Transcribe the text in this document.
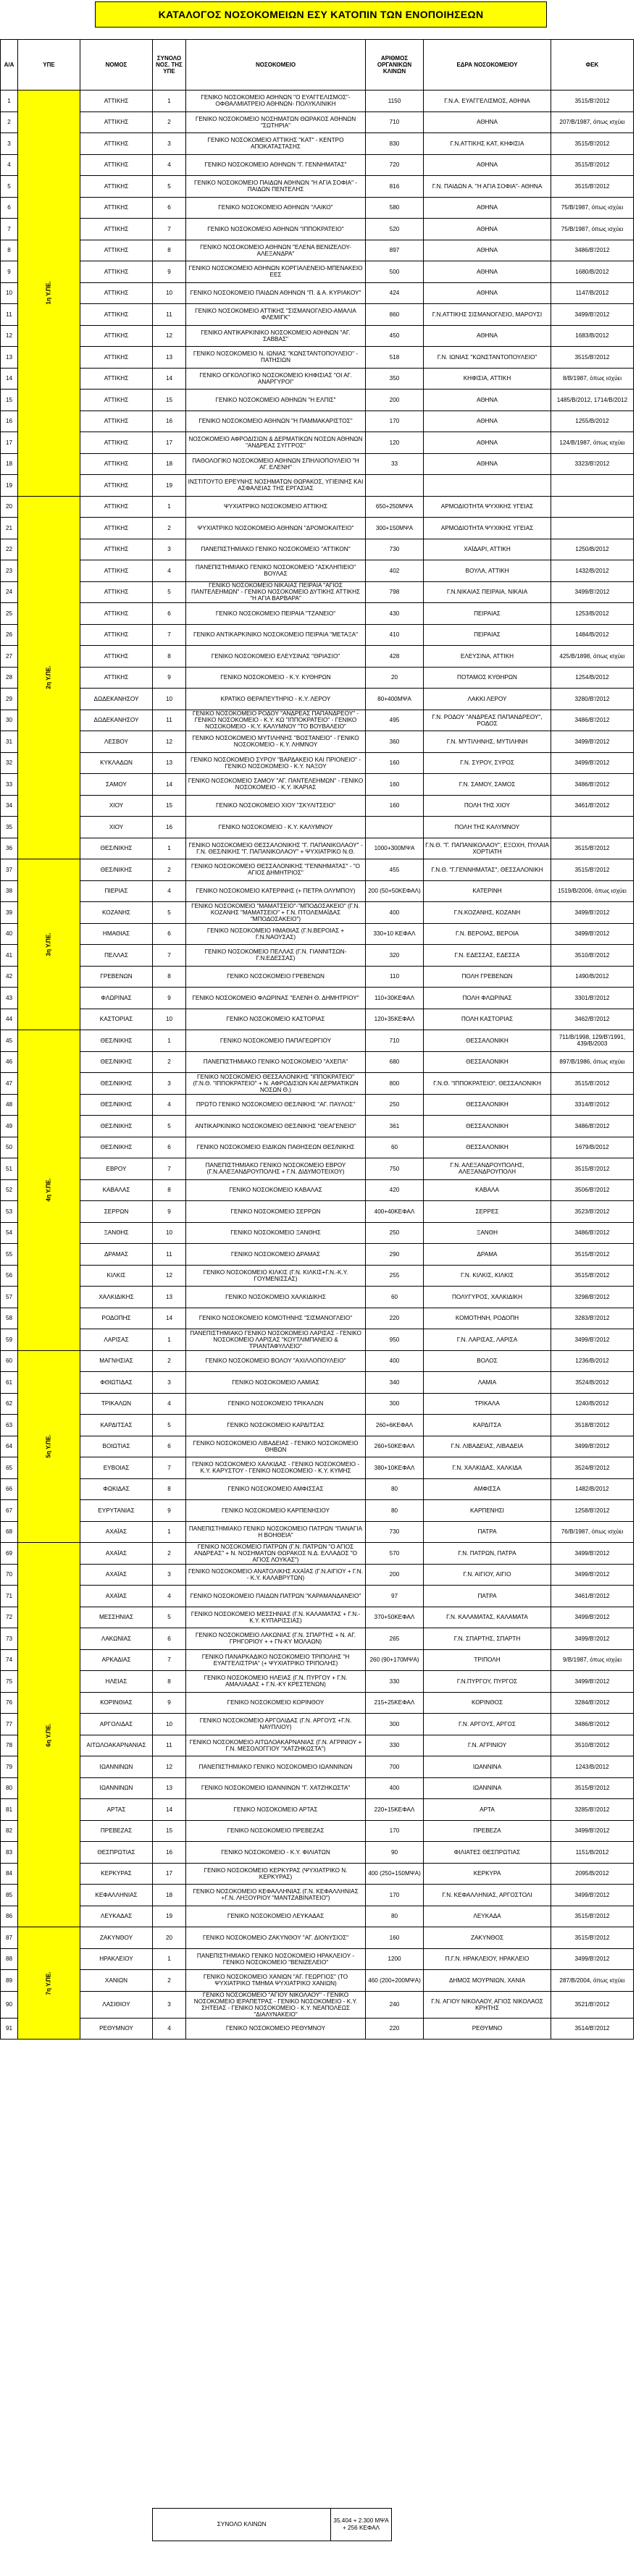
ΚΑΤΑΛΟΓΟΣ ΝΟΣΟΚΟΜΕΙΩΝ ΕΣΥ ΚΑΤΟΠΙΝ ΤΩΝ ΕΝΟΠΟΙΗΣΕΩΝ
Α/Α	ΥΠΕ	ΝΟΜΟΣ	ΣΥΝΟΛΟ ΝΟΣ. ΤΗΣ ΥΠΕ	ΝΟΣΟΚΟΜΕΙΟ	ΑΡΙΘΜΟΣ ΟΡΓΑΝΙΚΩΝ ΚΛΙΝΩΝ	ΕΔΡΑ ΝΟΣΟΚΟΜΕΙΟΥ	ΦΕΚ
1	1η Υ.ΠΕ.	ΑΤΤΙΚΗΣ	1	ΓΕΝΙΚΟ ΝΟΣΟΚΟΜΕΙΟ ΑΘΗΝΩΝ "Ο ΕΥΑΓΓΕΛΙΣΜΟΣ"- ΟΦΘΑΛΜΙΑΤΡΕΙΟ ΑΘΗΝΩΝ- ΠΟΛΥΚΛΙΝΙΚΗ	1150	Γ.Ν.Α. ΕΥΑΓΓΕΛΙΣΜΟΣ, ΑΘΗΝΑ	3515/Β'/2012
2		ΑΤΤΙΚΗΣ	2	ΓΕΝΙΚΟ ΝΟΣΟΚΟΜΕΙΟ ΝΟΣΗΜΑΤΩΝ ΘΩΡΑΚΟΣ ΑΘΗΝΩΝ "ΣΩΤΗΡΙΑ"	710	ΑΘΗΝΑ	207/Β/1987, όπως ισχύει
3		ΑΤΤΙΚΗΣ	3	ΓΕΝΙΚΟ ΝΟΣΟΚΟΜΕΙΟ ΑΤΤΙΚΗΣ "ΚΑΤ" - ΚΕΝΤΡΟ ΑΠΟΚΑΤΑΣΤΑΣΗΣ	830	Γ.Ν.ΑΤΤΙΚΗΣ ΚΑΤ, ΚΗΦΙΣΙΑ	3515/Β'/2012
4		ΑΤΤΙΚΗΣ	4	ΓΕΝΙΚΟ ΝΟΣΟΚΟΜΕΙΟ ΑΘΗΝΩΝ "Γ. ΓΕΝΝΗΜΑΤΑΣ"	720	ΑΘΗΝΑ	3515/Β'/2012
5		ΑΤΤΙΚΗΣ	5	ΓΕΝΙΚΟ ΝΟΣΟΚΟΜΕΙΟ ΠΑΙΔΩΝ ΑΘΗΝΩΝ "Η ΑΓΙΑ ΣΟΦΙΑ" - ΠΑΙΔΩΝ ΠΕΝΤΕΛΗΣ	816	Γ.Ν. ΠΑΙΔΩΝ Α. "Η ΑΓΙΑ ΣΟΦΙΑ"- ΑΘΗΝΑ	3515/Β'/2012
6		ΑΤΤΙΚΗΣ	6	ΓΕΝΙΚΟ ΝΟΣΟΚΟΜΕΙΟ ΑΘΗΝΩΝ "ΛΑΙΚΟ"	580	ΑΘΗΝΑ	75/Β/1987, όπως ισχύει
7		ΑΤΤΙΚΗΣ	7	ΓΕΝΙΚΟ ΝΟΣΟΚΟΜΕΙΟ ΑΘΗΝΩΝ "ΙΠΠΟΚΡΑΤΕΙΟ"	520	ΑΘΗΝΑ	75/Β/1987, όπως ισχύει
8		ΑΤΤΙΚΗΣ	8	ΓΕΝΙΚΟ ΝΟΣΟΚΟΜΕΙΟ ΑΘΗΝΩΝ "ΕΛΕΝΑ ΒΕΝΙΖΕΛΟΥ- ΑΛΕΞΑΝΔΡΑ"	897	ΑΘΗΝΑ	3486/Β'/2012
9		ΑΤΤΙΚΗΣ	9	ΓΕΝΙΚΟ ΝΟΣΟΚΟΜΕΙΟ ΑΘΗΝΩΝ ΚΟΡΓΙΑΛΕΝΕΙΟ-ΜΠΕΝΑΚΕΙΟ ΕΕΣ	500	ΑΘΗΝΑ	1680/Β/2012
10		ΑΤΤΙΚΗΣ	10	ΓΕΝΙΚΟ ΝΟΣΟΚΟΜΕΙΟ ΠΑΙΔΩΝ ΑΘΗΝΩΝ "Π. & Α. ΚΥΡΙΑΚΟΥ"	424	ΑΘΗΝΑ	1147/Β/2012
11		ΑΤΤΙΚΗΣ	11	ΓΕΝΙΚΟ ΝΟΣΟΚΟΜΕΙΟ ΑΤΤΙΚΗΣ "ΣΙΣΜΑΝΟΓΛΕΙΟ-ΑΜΑΛΙΑ ΦΛΕΜΙΓΚ"	860	Γ.Ν.ΑΤΤΙΚΗΣ ΣΙΣΜΑΝΟΓΛΕΙΟ, ΜΑΡΟΥΣΙ	3499/Β'/2012
12		ΑΤΤΙΚΗΣ	12	ΓΕΝΙΚΟ ΑΝΤΙΚΑΡΚΙΝΙΚΟ ΝΟΣΟΚΟΜΕΙΟ ΑΘΗΝΩΝ "ΑΓ. ΣΑΒΒΑΣ"	450	ΑΘΗΝΑ	1683/Β/2012
13		ΑΤΤΙΚΗΣ	13	ΓΕΝΙΚΟ ΝΟΣΟΚΟΜΕΙΟ Ν. ΙΩΝΙΑΣ "ΚΩΝΣΤΑΝΤΟΠΟΥΛΕΙΟ" - ΠΑΤΗΣΙΩΝ	518	Γ.Ν. ΙΩΝΙΑΣ "ΚΩΝΣΤΑΝΤΟΠΟΥΛΕΙΟ"	3515/Β'/2012
14		ΑΤΤΙΚΗΣ	14	ΓΕΝΙΚΟ ΟΓΚΟΛΟΓΙΚΟ ΝΟΣΟΚΟΜΕΙΟ ΚΗΦΙΣΙΑΣ "ΟΙ ΑΓ. ΑΝΑΡΓΥΡΟΙ"	350	ΚΗΦΙΣΙΑ, ΑΤΤΙΚΗ	8/Β/1987, όπως ισχύει
15		ΑΤΤΙΚΗΣ	15	ΓΕΝΙΚΟ ΝΟΣΟΚΟΜΕΙΟ ΑΘΗΝΩΝ "Η ΕΛΠΙΣ"	200	ΑΘΗΝΑ	1485/Β/2012, 1714/Β/2012
16		ΑΤΤΙΚΗΣ	16	ΓΕΝΙΚΟ ΝΟΣΟΚΟΜΕΙΟ ΑΘΗΝΩΝ "Η ΠΑΜΜΑΚΑΡΙΣΤΟΣ"	170	ΑΘΗΝΑ	1255/Β/2012
17		ΑΤΤΙΚΗΣ	17	ΝΟΣΟΚΟΜΕΙΟ ΑΦΡΟΔΙΣΙΩΝ & ΔΕΡΜΑΤΙΚΩΝ ΝΟΣΩΝ ΑΘΗΝΩΝ "ΑΝΔΡΕΑΣ ΣΥΓΓΡΟΣ"	120	ΑΘΗΝΑ	124/Β/1987, όπως ισχύει
18		ΑΤΤΙΚΗΣ	18	ΠΑΘΟΛΟΓΙΚΟ ΝΟΣΟΚΟΜΕΙΟ ΑΘΗΝΩΝ ΣΠΗΛΙΟΠΟΥΛΕΙΟ "Η ΑΓ. ΕΛΕΝΗ"	33	ΑΘΗΝΑ	3323/Β'/2012
19		ΑΤΤΙΚΗΣ	19	ΙΝΣΤΙΤΟΥΤΟ ΕΡΕΥΝΗΣ ΝΟΣΗΜΑΤΩΝ ΘΩΡΑΚΟΣ, ΥΓΙΕΙΝΗΣ ΚΑΙ ΑΣΦΑΛΕΙΑΣ ΤΗΣ ΕΡΓΑΣΙΑΣ			
20	2η Υ.ΠΕ.	ΑΤΤΙΚΗΣ	1	ΨΥΧΙΑΤΡΙΚΟ ΝΟΣΟΚΟΜΕΙΟ ΑΤΤΙΚΗΣ	650+250ΜΨΑ	ΑΡΜΟΔΙΟΤΗΤΑ ΨΥΧΙΚΗΣ ΥΓΕΙΑΣ	
21		ΑΤΤΙΚΗΣ	2	ΨΥΧΙΑΤΡΙΚΟ ΝΟΣΟΚΟΜΕΙΟ ΑΘΗΝΩΝ "ΔΡΟΜΟΚΑΙΤΕΙΟ"	300+150ΜΨΑ	ΑΡΜΟΔΙΟΤΗΤΑ ΨΥΧΙΚΗΣ ΥΓΕΙΑΣ	
22		ΑΤΤΙΚΗΣ	3	ΠΑΝΕΠΙΣΤΗΜΙΑΚΟ ΓΕΝΙΚΟ ΝΟΣΟΚΟΜΕΙΟ "ΑΤΤΙΚΟΝ"	730	ΧΑΪΔΑΡΙ, ΑΤΤΙΚΗ	1250/Β/2012
23		ΑΤΤΙΚΗΣ	4	ΠΑΝΕΠΙΣΤΗΜΙΑΚΟ ΓΕΝΙΚΟ ΝΟΣΟΚΟΜΕΙΟ "ΑΣΚΛΗΠΙΕΙΟ" ΒΟΥΛΑΣ	402	ΒΟΥΛΑ, ΑΤΤΙΚΗ	1432/Β/2012
24		ΑΤΤΙΚΗΣ	5	ΓΕΝΙΚΟ ΝΟΣΟΚΟΜΕΙΟ ΝΙΚΑΙΑΣ ΠΕΙΡΑΙΑ "ΑΓΙΟΣ ΠΑΝΤΕΛΕΗΜΩΝ" - ΓΕΝΙΚΟ ΝΟΣΟΚΟΜΕΙΟ ΔΥΤΙΚΗΣ ΑΤΤΙΚΗΣ "Η ΑΓΙΑ ΒΑΡΒΑΡΑ"	798	Γ.Ν.ΝΙΚΑΙΑΣ ΠΕΙΡΑΙΑ, ΝΙΚΑΙΑ	3499/Β'/2012
25		ΑΤΤΙΚΗΣ	6	ΓΕΝΙΚΟ ΝΟΣΟΚΟΜΕΙΟ ΠΕΙΡΑΙΑ "ΤΖΑΝΕΙΟ"	430	ΠΕΙΡΑΙΑΣ	1253/Β/2012
26		ΑΤΤΙΚΗΣ	7	ΓΕΝΙΚΟ ΑΝΤΙΚΑΡΚΙΝΙΚΟ ΝΟΣΟΚΟΜΕΙΟ ΠΕΙΡΑΙΑ "ΜΕΤΑΞΑ"	410	ΠΕΙΡΑΙΑΣ	1484/Β/2012
27		ΑΤΤΙΚΗΣ	8	ΓΕΝΙΚΟ ΝΟΣΟΚΟΜΕΙΟ ΕΛΕΥΣΙΝΑΣ "ΘΡΙΑΣΙΟ"	428	ΕΛΕΥΣΙΝΑ, ΑΤΤΙΚΗ	425/Β/1898, όπως ισχύει
28		ΑΤΤΙΚΗΣ	9	ΓΕΝΙΚΟ ΝΟΣΟΚΟΜΕΙΟ - Κ.Υ. ΚΥΘΗΡΩΝ	20	ΠΟΤΑΜΟΣ ΚΥΘΗΡΩΝ	1254/Β/2012
29		ΔΩΔΕΚΑΝΗΣΟΥ	10	ΚΡΑΤΙΚΟ ΘΕΡΑΠΕΥΤΗΡΙΟ - Κ.Υ. ΛΕΡΟΥ	80+400ΜΨΑ	ΛΑΚΚΙ ΛΕΡΟΥ	3280/Β'/2012
30		ΔΩΔΕΚΑΝΗΣΟΥ	11	ΓΕΝΙΚΟ ΝΟΣΟΚΟΜΕΙΟ ΡΟΔΟΥ "ΑΝΔΡΕΑΣ ΠΑΠΑΝΔΡΕΟΥ" - ΓΕΝΙΚΟ ΝΟΣΟΚΟΜΕΙΟ - Κ.Υ. ΚΩ "ΙΠΠΟΚΡΑΤΕΙΟ" - ΓΕΝΙΚΟ ΝΟΣΟΚΟΜΕΙΟ - Κ.Υ. ΚΑΛΥΜΝΟΥ "ΤΟ ΒΟΥΒΑΛΕΙΟ"	495	Γ.Ν. ΡΟΔΟΥ "ΑΝΔΡΕΑΣ ΠΑΠΑΝΔΡΕΟΥ", ΡΟΔΟΣ	3486/Β'/2012
31		ΛΕΣΒΟΥ	12	ΓΕΝΙΚΟ ΝΟΣΟΚΟΜΕΙΟ ΜΥΤΙΛΗΝΗΣ "ΒΟΣΤΑΝΕΙΟ" - ΓΕΝΙΚΟ ΝΟΣΟΚΟΜΕΙΟ - Κ.Υ. ΛΗΜΝΟΥ	360	Γ.Ν. ΜΥΤΙΛΗΝΗΣ, ΜΥΤΙΛΗΝΗ	3499/Β'/2012
32		ΚΥΚΛΑΔΩΝ	13	ΓΕΝΙΚΟ ΝΟΣΟΚΟΜΕΙΟ ΣΥΡΟΥ "ΒΑΡΔΑΚΕΙΟ ΚΑΙ ΠΡΙΟΝΕΙΟ" - ΓΕΝΙΚΟ ΝΟΣΟΚΟΜΕΙΟ - Κ.Υ. ΝΑΞΟΥ	160	Γ.Ν. ΣΥΡΟΥ, ΣΥΡΟΣ	3499/Β'/2012
33		ΣΑΜΟΥ	14	ΓΕΝΙΚΟ ΝΟΣΟΚΟΜΕΙΟ ΣΑΜΟΥ "ΑΓ. ΠΑΝΤΕΛΕΗΜΩΝ" - ΓΕΝΙΚΟ ΝΟΣΟΚΟΜΕΙΟ - Κ.Υ. ΙΚΑΡΙΑΣ	160	Γ.Ν. ΣΑΜΟΥ, ΣΑΜΟΣ	3486/Β'/2012
34		ΧΙΟΥ	15	ΓΕΝΙΚΟ ΝΟΣΟΚΟΜΕΙΟ ΧΙΟΥ "ΣΚΥΛΙΤΣΕΙΟ"	160	ΠΟΛΗ ΤΗΣ ΧΙΟΥ	3461/Β'/2012
35		ΧΙΟΥ	16	ΓΕΝΙΚΟ ΝΟΣΟΚΟΜΕΙΟ - Κ.Υ. ΚΑΛΥΜΝΟΥ		ΠΟΛΗ ΤΗΣ ΚΑΛΥΜΝΟΥ	
36		ΘΕΣ/ΝΙΚΗΣ	1	ΓΕΝΙΚΟ ΝΟΣΟΚΟΜΕΙΟ ΘΕΣΣΑΛΟΝΙΚΗΣ "Γ. ΠΑΠΑΝΙΚΟΛΑΟΥ" - Γ.Ν. ΘΕΣ/ΝΙΚΗΣ "Γ. ΠΑΠΑΝΙΚΟΛΑΟΥ" + ΨΥΧΙΑΤΡΙΚΟ Ν.Θ.	1000+300ΜΨΑ	Γ.Ν.Θ. "Γ. ΠΑΠΑΝΙΚΟΛΑΟΥ", ΕΞΟΧΗ, ΠΥΛΑΙΑ ΧΟΡΤΙΑΤΗ	3515/Β'/2012
37	3η Υ.ΠΕ.	ΘΕΣ/ΝΙΚΗΣ	2	ΓΕΝΙΚΟ ΝΟΣΟΚΟΜΕΙΟ ΘΕΣΣΑΛΟΝΙΚΗΣ "ΓΕΝΝΗΜΑΤΑΣ" - "Ο ΑΓΙΟΣ ΔΗΜΗΤΡΙΟΣ"	455	Γ.Ν.Θ. "Γ.ΓΕΝΝΗΜΑΤΑΣ", ΘΕΣΣΑΛΟΝΙΚΗ	3515/Β'/2012
38		ΠΙΕΡΙΑΣ	4	ΓΕΝΙΚΟ ΝΟΣΟΚΟΜΕΙΟ ΚΑΤΕΡΙΝΗΣ (+ ΠΕΤΡΑ ΟΛΥΜΠΟΥ)	200 (50+50ΚΕΦΑΛ)	ΚΑΤΕΡΙΝΗ	1519/Β/2006, όπως ισχύει
39		ΚΟΖΑΝΗΣ	5	ΓΕΝΙΚΟ ΝΟΣΟΚΟΜΕΙΟ "ΜΑΜΑΤΣΕΙΟ"-"ΜΠΟΔΟΣΑΚΕΙΟ" (Γ.Ν. ΚΟΖΑΝΗΣ "ΜΑΜΑΤΣΕΙΟ" + Γ.Ν. ΠΤΟΛΕΜΑΪΔΑΣ "ΜΠΟΔΟΣΑΚΕΙΟ")	400	Γ.Ν.ΚΟΖΑΝΗΣ, ΚΟΖΑΝΗ	3499/Β'/2012
40		ΗΜΑΘΙΑΣ	6	ΓΕΝΙΚΟ ΝΟΣΟΚΟΜΕΙΟ ΗΜΑΘΙΑΣ (Γ.Ν.ΒΕΡΟΙΑΣ + Γ.Ν.ΝΑΟΥΣΑΣ)	330+10 ΚΕΦΑΛ	Γ.Ν. ΒΕΡΟΙΑΣ, ΒΕΡΟΙΑ	3499/Β'/2012
41		ΠΕΛΛΑΣ	7	ΓΕΝΙΚΟ ΝΟΣΟΚΟΜΕΙΟ ΠΕΛΛΑΣ (Γ.Ν. ΓΙΑΝΝΙΤΣΩΝ- Γ.Ν.ΕΔΕΣΣΑΣ)	320	Γ.Ν. ΕΔΕΣΣΑΣ, ΕΔΕΣΣΑ	3510/Β'/2012
42		ΓΡΕΒΕΝΩΝ	8	ΓΕΝΙΚΟ ΝΟΣΟΚΟΜΕΙΟ ΓΡΕΒΕΝΩΝ	110	ΠΟΛΗ ΓΡΕΒΕΝΩΝ	1490/Β/2012
43		ΦΛΩΡΙΝΑΣ	9	ΓΕΝΙΚΟ ΝΟΣΟΚΟΜΕΙΟ ΦΛΩΡΙΝΑΣ "ΕΛΕΝΗ Θ. ΔΗΜΗΤΡΙΟΥ"	110+30ΚΕΦΑΛ	ΠΟΛΗ ΦΛΩΡΙΝΑΣ	3301/Β'/2012
44		ΚΑΣΤΟΡΙΑΣ	10	ΓΕΝΙΚΟ ΝΟΣΟΚΟΜΕΙΟ ΚΑΣΤΟΡΙΑΣ	120+35ΚΕΦΑΛ	ΠΟΛΗ ΚΑΣΤΟΡΙΑΣ	3462/Β'/2012
45	4η Υ.ΠΕ.	ΘΕΣ/ΝΙΚΗΣ	1	ΓΕΝΙΚΟ ΝΟΣΟΚΟΜΕΙΟ ΠΑΠΑΓΕΩΡΓΙΟΥ	710	ΘΕΣΣΑΛΟΝΙΚΗ	711/Β/1998, 129/Β'/1991, 439/Β/2003
46		ΘΕΣ/ΝΙΚΗΣ	2	ΠΑΝΕΠΙΣΤΗΜΙΑΚΟ ΓΕΝΙΚΟ ΝΟΣΟΚΟΜΕΙΟ "ΑΧΕΠΑ"	680	ΘΕΣΣΑΛΟΝΙΚΗ	897/Β/1986, όπως ισχύει
47		ΘΕΣ/ΝΙΚΗΣ	3	ΓΕΝΙΚΟ ΝΟΣΟΚΟΜΕΙΟ ΘΕΣΣΑΛΟΝΙΚΗΣ "ΙΠΠΟΚΡΑΤΕΙΟ" (Γ.Ν.Θ. "ΙΠΠΟΚΡΑΤΕΙΟ" + Ν. ΑΦΡΟΔΙΣΙΩΝ ΚΑΙ ΔΕΡΜΑΤΙΚΩΝ ΝΟΣΩΝ Θ.)	800	Γ.Ν.Θ. "ΙΠΠΟΚΡΑΤΕΙΟ", ΘΕΣΣΑΛΟΝΙΚΗ	3515/Β'/2012
48		ΘΕΣ/ΝΙΚΗΣ	4	ΠΡΩΤΟ ΓΕΝΙΚΟ ΝΟΣΟΚΟΜΕΙΟ ΘΕΣ/ΝΙΚΗΣ "ΑΓ. ΠΑΥΛΟΣ"	250	ΘΕΣΣΑΛΟΝΙΚΗ	3314/Β'/2012
49		ΘΕΣ/ΝΙΚΗΣ	5	ΑΝΤΙΚΑΡΚΙΝΙΚΟ ΝΟΣΟΚΟΜΕΙΟ ΘΕΣ/ΝΙΚΗΣ "ΘΕΑΓΕΝΕΙΟ"	361	ΘΕΣΣΑΛΟΝΙΚΗ	3486/Β'/2012
50		ΘΕΣ/ΝΙΚΗΣ	6	ΓΕΝΙΚΟ ΝΟΣΟΚΟΜΕΙΟ ΕΙΔΙΚΩΝ ΠΑΘΗΣΕΩΝ ΘΕΣ/ΝΙΚΗΣ	60	ΘΕΣΣΑΛΟΝΙΚΗ	1679/Β/2012
51		ΕΒΡΟΥ	7	ΠΑΝΕΠΙΣΤΗΜΙΑΚΟ ΓΕΝΙΚΟ ΝΟΣΟΚΟΜΕΙΟ ΕΒΡΟΥ (Γ.Ν.ΑΛΕΞΑΝΔΡΟΥΠΟΛΗΣ + Γ.Ν. ΔΙΔΥΜΟΤΕΙΧΟΥ)	750	Γ.Ν. ΑΛΕΞΑΝΔΡΟΥΠΟΛΗΣ, ΑΛΕΞΑΝΔΡΟΥΠΟΛΗ	3515/Β'/2012
52		ΚΑΒΑΛΑΣ	8	ΓΕΝΙΚΟ ΝΟΣΟΚΟΜΕΙΟ ΚΑΒΑΛΑΣ	420	ΚΑΒΑΛΑ	3506/Β'/2012
53		ΣΕΡΡΩΝ	9	ΓΕΝΙΚΟ ΝΟΣΟΚΟΜΕΙΟ ΣΕΡΡΩΝ	400+40ΚΕΦΑΛ	ΣΕΡΡΕΣ	3523/Β'/2012
54		ΞΑΝΘΗΣ	10	ΓΕΝΙΚΟ ΝΟΣΟΚΟΜΕΙΟ ΞΑΝΘΗΣ	250	ΞΑΝΘΗ	3486/Β'/2012
55		ΔΡΑΜΑΣ	11	ΓΕΝΙΚΟ ΝΟΣΟΚΟΜΕΙΟ ΔΡΑΜΑΣ	290	ΔΡΑΜΑ	3515/Β'/2012
56		ΚΙΛΚΙΣ	12	ΓΕΝΙΚΟ ΝΟΣΟΚΟΜΕΙΟ ΚΙΛΚΙΣ (Γ.Ν. ΚΙΛΚΙΣ+Γ.Ν.-Κ.Υ. ΓΟΥΜΕΝΙΣΣΑΣ)	255	Γ.Ν. ΚΙΛΚΙΣ, ΚΙΛΚΙΣ	3515/Β'/2012
57		ΧΑΛΚΙΔΙΚΗΣ	13	ΓΕΝΙΚΟ ΝΟΣΟΚΟΜΕΙΟ ΧΑΛΚΙΔΙΚΗΣ	60	ΠΟΛΥΓΥΡΟΣ, ΧΑΛΚΙΔΙΚΗ	3298/Β'/2012
58		ΡΟΔΟΠΗΣ	14	ΓΕΝΙΚΟ ΝΟΣΟΚΟΜΕΙΟ ΚΟΜΟΤΗΝΗΣ "ΣΙΣΜΑΝΟΓΛΕΙΟ"	220	ΚΟΜΟΤΗΝΗ, ΡΟΔΟΠΗ	3283/Β'/2012
59		ΛΑΡΙΣΑΣ	1	ΠΑΝΕΠΙΣΤΗΜΙΑΚΟ ΓΕΝΙΚΟ ΝΟΣΟΚΟΜΕΙΟ ΛΑΡΙΣΑΣ - ΓΕΝΙΚΟ ΝΟΣΟΚΟΜΕΙΟ ΛΑΡΙΣΑΣ "ΚΟΥΤΛΙΜΠΑΝΕΙΟ & ΤΡΙΑΝΤΑΦΥΛΛΕΙΟ"	950	Γ.Ν. ΛΑΡΙΣΑΣ, ΛΑΡΙΣΑ	3499/Β'/2012
60	5η Υ.ΠΕ.	ΜΑΓΝΗΣΙΑΣ	2	ΓΕΝΙΚΟ ΝΟΣΟΚΟΜΕΙΟ ΒΟΛΟΥ "ΑΧΙΛΛΟΠΟΥΛΕΙΟ"	400	ΒΟΛΟΣ	1236/Β/2012
61		ΦΘΙΩΤΙΔΑΣ	3	ΓΕΝΙΚΟ ΝΟΣΟΚΟΜΕΙΟ ΛΑΜΙΑΣ	340	ΛΑΜΙΑ	3524/Β/2012
62		ΤΡΙΚΑΛΩΝ	4	ΓΕΝΙΚΟ ΝΟΣΟΚΟΜΕΙΟ ΤΡΙΚΑΛΩΝ	300	ΤΡΙΚΑΛΑ	1240/Β/2012
63		ΚΑΡΔΙΤΣΑΣ	5	ΓΕΝΙΚΟ ΝΟΣΟΚΟΜΕΙΟ ΚΑΡΔΙΤΣΑΣ	260+6ΚΕΦΑΛ	ΚΑΡΔΙΤΣΑ	3518/Β'/2012
64		ΒΟΙΩΤΙΑΣ	6	ΓΕΝΙΚΟ ΝΟΣΟΚΟΜΕΙΟ ΛΙΒΑΔΕΙΑΣ - ΓΕΝΙΚΟ ΝΟΣΟΚΟΜΕΙΟ ΘΗΒΩΝ	260+50ΚΕΦΑΛ	Γ.Ν. ΛΙΒΑΔΕΙΑΣ, ΛΙΒΑΔΕΙΑ	3499/Β'/2012
65		ΕΥΒΟΙΑΣ	7	ΓΕΝΙΚΟ ΝΟΣΟΚΟΜΕΙΟ ΧΑΛΚΙΔΑΣ - ΓΕΝΙΚΟ ΝΟΣΟΚΟΜΕΙΟ - Κ.Υ. ΚΑΡΥΣΤΟΥ - ΓΕΝΙΚΟ ΝΟΣΟΚΟΜΕΙΟ - Κ.Υ. ΚΥΜΗΣ	380+10ΚΕΦΑΛ	Γ.Ν. ΧΑΛΚΙΔΑΣ, ΧΑΛΚΙΔΑ	3524/Β'/2012
66		ΦΩΚΙΔΑΣ	8	ΓΕΝΙΚΟ ΝΟΣΟΚΟΜΕΙΟ ΑΜΦΙΣΣΑΣ	80	ΑΜΦΙΣΣΑ	1482/Β/2012
67		ΕΥΡΥΤΑΝΙΑΣ	9	ΓΕΝΙΚΟ ΝΟΣΟΚΟΜΕΙΟ ΚΑΡΠΕΝΗΣΙΟΥ	80	ΚΑΡΠΕΝΗΣΙ	1258/Β'/2012
68		ΑΧΑΪΑΣ	1	ΠΑΝΕΠΙΣΤΗΜΙΑΚΟ ΓΕΝΙΚΟ ΝΟΣΟΚΟΜΕΙΟ ΠΑΤΡΩΝ "ΠΑΝΑΓΙΑ Η ΒΟΗΘΕΙΑ"	730	ΠΑΤΡΑ	76/Β/1987, όπως ισχύει
69	6η Υ.ΠΕ.	ΑΧΑΪΑΣ	2	ΓΕΝΙΚΟ ΝΟΣΟΚΟΜΕΙΟ ΠΑΤΡΩΝ (Γ.Ν. ΠΑΤΡΩΝ "Ο ΑΓΙΟΣ ΑΝΔΡΕΑΣ" + Ν. ΝΟΣΗΜΑΤΩΝ ΘΩΡΑΚΟΣ Ν.Δ. ΕΛΛΑΔΟΣ "Ο ΑΓΙΟΣ ΛΟΥΚΑΣ")	570	Γ.Ν. ΠΑΤΡΩΝ, ΠΑΤΡΑ	3499/Β'/2012
70		ΑΧΑΪΑΣ	3	ΓΕΝΙΚΟ ΝΟΣΟΚΟΜΕΙΟ ΑΝΑΤΟΛΙΚΗΣ ΑΧΑΪΑΣ (Γ.Ν.ΑΙΓΙΟΥ + Γ.Ν. - Κ.Υ. ΚΑΛΑΒΡΥΤΩΝ)	200	Γ.Ν. ΑΙΓΙΟΥ, ΑΙΓΙΟ	3499/Β'/2012
71		ΑΧΑΪΑΣ	4	ΓΕΝΙΚΟ ΝΟΣΟΚΟΜΕΙΟ ΠΑΙΔΩΝ ΠΑΤΡΩΝ "ΚΑΡΑΜΑΝΔΑΝΕΙΟ"	97	ΠΑΤΡΑ	3461/Β'/2012
72		ΜΕΣΣΗΝΙΑΣ	5	ΓΕΝΙΚΟ ΝΟΣΟΚΟΜΕΙΟ ΜΕΣΣΗΝΙΑΣ (Γ.Ν. ΚΑΛΑΜΑΤΑΣ + Γ.Ν.-Κ.Υ. ΚΥΠΑΡΙΣΣΙΑΣ)	370+50ΚΕΦΑΛ	Γ.Ν. ΚΑΛΑΜΑΤΑΣ, ΚΑΛΑΜΑΤΑ	3499/Β'/2012
73		ΛΑΚΩΝΙΑΣ	6	ΓΕΝΙΚΟ ΝΟΣΟΚΟΜΕΙΟ ΛΑΚΩΝΙΑΣ (Γ.Ν. ΣΠΑΡΤΗΣ + Ν. ΑΓ. ΓΡΗΓΟΡΙΟΥ + + ΓΝ-ΚΥ ΜΟΛΑΩΝ)	265	Γ.Ν. ΣΠΑΡΤΗΣ, ΣΠΑΡΤΗ	3499/Β'/2012
74		ΑΡΚΑΔΙΑΣ	7	ΓΕΝΙΚΟ ΠΑΝΑΡΚΑΔΙΚΟ ΝΟΣΟΚΟΜΕΙΟ ΤΡΙΠΟΛΗΣ "Η ΕΥΑΓΓΕΛΙΣΤΡΙΑ" (+ ΨΥΧΙΑΤΡΙΚΟ ΤΡΙΠΟΛΗΣ)	260 (90+170ΜΨΑ)	ΤΡΙΠΟΛΗ	9/Β/1987, όπως ισχύει
75		ΗΛΕΙΑΣ	8	ΓΕΝΙΚΟ ΝΟΣΟΚΟΜΕΙΟ ΗΛΕΙΑΣ (Γ.Ν. ΠΥΡΓΟΥ + Γ.Ν. ΑΜΑΛΙΑΔΑΣ + Γ.Ν.-ΚΥ ΚΡΕΣΤΕΝΩΝ)	330	Γ.Ν.ΠΥΡΓΟΥ, ΠΥΡΓΟΣ	3499/Β'/2012
76		ΚΟΡΙΝΘΙΑΣ	9	ΓΕΝΙΚΟ ΝΟΣΟΚΟΜΕΙΟ ΚΟΡΙΝΘΟΥ	215+25ΚΕΦΑΛ	ΚΟΡΙΝΘΟΣ	3284/Β'/2012
77		ΑΡΓΟΛΙΔΑΣ	10	ΓΕΝΙΚΟ ΝΟΣΟΚΟΜΕΙΟ ΑΡΓΟΛΙΔΑΣ (Γ.Ν. ΑΡΓΟΥΣ +Γ.Ν. ΝΑΥΠΛΙΟΥ)	300	Γ.Ν. ΑΡΓΟΥΣ, ΑΡΓΟΣ	3486/Β'/2012
78		ΑΙΤΩΛΟΑΚΑΡΝΑΝΙΑΣ	11	ΓΕΝΙΚΟ ΝΟΣΟΚΟΜΕΙΟ ΑΙΤΩΛΟΑΚΑΡΝΑΝΙΑΣ (Γ.Ν. ΑΓΡΙΝΙΟΥ + Γ.Ν. ΜΕΣΟΛΟΓΓΙΟΥ "ΧΑΤΖΗΚΩΣΤΑ")	330	Γ.Ν. ΑΓΡΙΝΙΟΥ	3510/Β'/2012
79		ΙΩΑΝΝΙΝΩΝ	12	ΠΑΝΕΠΙΣΤΗΜΙΑΚΟ ΓΕΝΙΚΟ ΝΟΣΟΚΟΜΕΙΟ ΙΩΑΝΝΙΝΩΝ	700	ΙΩΑΝΝΙΝΑ	1243/Β/2012
80		ΙΩΑΝΝΙΝΩΝ	13	ΓΕΝΙΚΟ ΝΟΣΟΚΟΜΕΙΟ ΙΩΑΝΝΙΝΩΝ "Γ. ΧΑΤΖΗΚΩΣΤΑ"	400	ΙΩΑΝΝΙΝΑ	3515/Β'/2012
81		ΑΡΤΑΣ	14	ΓΕΝΙΚΟ ΝΟΣΟΚΟΜΕΙΟ ΑΡΤΑΣ	220+15ΚΕΦΑΛ	ΑΡΤΑ	3285/Β'/2012
82		ΠΡΕΒΕΖΑΣ	15	ΓΕΝΙΚΟ ΝΟΣΟΚΟΜΕΙΟ ΠΡΕΒΕΖΑΣ	170	ΠΡΕΒΕΖΑ	3499/Β'/2012
83		ΘΕΣΠΡΩΤΙΑΣ	16	ΓΕΝΙΚΟ ΝΟΣΟΚΟΜΕΙΟ - Κ.Υ. ΦΙΛΙΑΤΩΝ	90	ΦΙΛΙΑΤΕΣ ΘΕΣΠΡΩΤΙΑΣ	1151/Β/2012
84		ΚΕΡΚΥΡΑΣ	17	ΓΕΝΙΚΟ ΝΟΣΟΚΟΜΕΙΟ ΚΕΡΚΥΡΑΣ (ΨΥΧΙΑΤΡΙΚΟ Ν. ΚΕΡΚΥΡΑΣ)	400 (250+150ΜΨΑ)	ΚΕΡΚΥΡΑ	2095/Β/2012
85		ΚΕΦΑΛΛΗΝΙΑΣ	18	ΓΕΝΙΚΟ ΝΟΣΟΚΟΜΕΙΟ ΚΕΦΑΛΛΗΝΙΑΣ (Γ.Ν. ΚΕΦΑΛΛΗΝΙΑΣ +Γ.Ν. ΛΗΞΟΥΡΙΟΥ "ΜΑΝΤΖΑΒΙΝΑΤΕΙΟ")	170	Γ.Ν. ΚΕΦΑΛΛΗΝΙΑΣ, ΑΡΓΟΣΤΟΛΙ	3499/Β'/2012
86		ΛΕΥΚΑΔΑΣ	19	ΓΕΝΙΚΟ ΝΟΣΟΚΟΜΕΙΟ ΛΕΥΚΑΔΑΣ	80	ΛΕΥΚΑΔΑ	3515/Β'/2012
87	7η Υ.ΠΕ.	ΖΑΚΥΝΘΟΥ	20	ΓΕΝΙΚΟ ΝΟΣΟΚΟΜΕΙΟ ΖΑΚΥΝΘΟΥ "ΑΓ. ΔΙΟΝΥΣΙΟΣ"	160	ΖΑΚΥΝΘΟΣ	3515/Β'/2012
88		ΗΡΑΚΛΕΙΟΥ	1	ΠΑΝΕΠΙΣΤΗΜΙΑΚΟ ΓΕΝΙΚΟ ΝΟΣΟΚΟΜΕΙΟ ΗΡΑΚΛΕΙΟΥ - ΓΕΝΙΚΟ ΝΟΣΟΚΟΜΕΙΟ "ΒΕΝΙΖΕΛΕΙΟ"	1200	Π.Γ.Ν. ΗΡΑΚΛΕΙΟΥ, ΗΡΑΚΛΕΙΟ	3499/Β'/2012
89		ΧΑΝΙΩΝ	2	ΓΕΝΙΚΟ ΝΟΣΟΚΟΜΕΙΟ ΧΑΝΙΩΝ "ΑΓ. ΓΕΩΡΓΙΟΣ" (ΤΟ ΨΥΧΙΑΤΡΙΚΟ ΤΜΗΜΑ ΨΥΧΙΑΤΡΙΚΟ ΧΑΝΙΩΝ)	460 (200+200ΜΨΑ)	ΔΗΜΟΣ ΜΟΥΡΝΙΩΝ, ΧΑΝΙΑ	287/Β/2004, όπως ισχύει
90		ΛΑΣΙΘΙΟΥ	3	ΓΕΝΙΚΟ ΝΟΣΟΚΟΜΕΙΟ "ΑΓΙΟΥ ΝΙΚΟΛΑΟΥ" - ΓΕΝΙΚΟ ΝΟΣΟΚΟΜΕΙΟ ΙΕΡΑΠΕΤΡΑΣ - ΓΕΝΙΚΟ ΝΟΣΟΚΟΜΕΙΟ - Κ.Υ. ΣΗΤΕΙΑΣ - ΓΕΝΙΚΟ ΝΟΣΟΚΟΜΕΙΟ - Κ.Υ. ΝΕΑΠΟΛΕΩΣ "ΔΙΑΛΥΝΑΚΕΙΟ"	240	Γ.Ν. ΑΓΙΟΥ ΝΙΚΟΛΑΟΥ, ΑΓΙΟΣ ΝΙΚΟΛΑΟΣ ΚΡΗΤΗΣ	3521/Β'/2012
91		ΡΕΘΥΜΝΟΥ	4	ΓΕΝΙΚΟ ΝΟΣΟΚΟΜΕΙΟ ΡΕΘΥΜΝΟΥ	220	ΡΕΘΥΜΝΟ	3514/Β'/2012
ΣΥΝΟΛΟ ΚΛΙΝΩΝ	35.404 + 2.300 ΜΨΑ + 256 ΚΕΦΑΛ	
